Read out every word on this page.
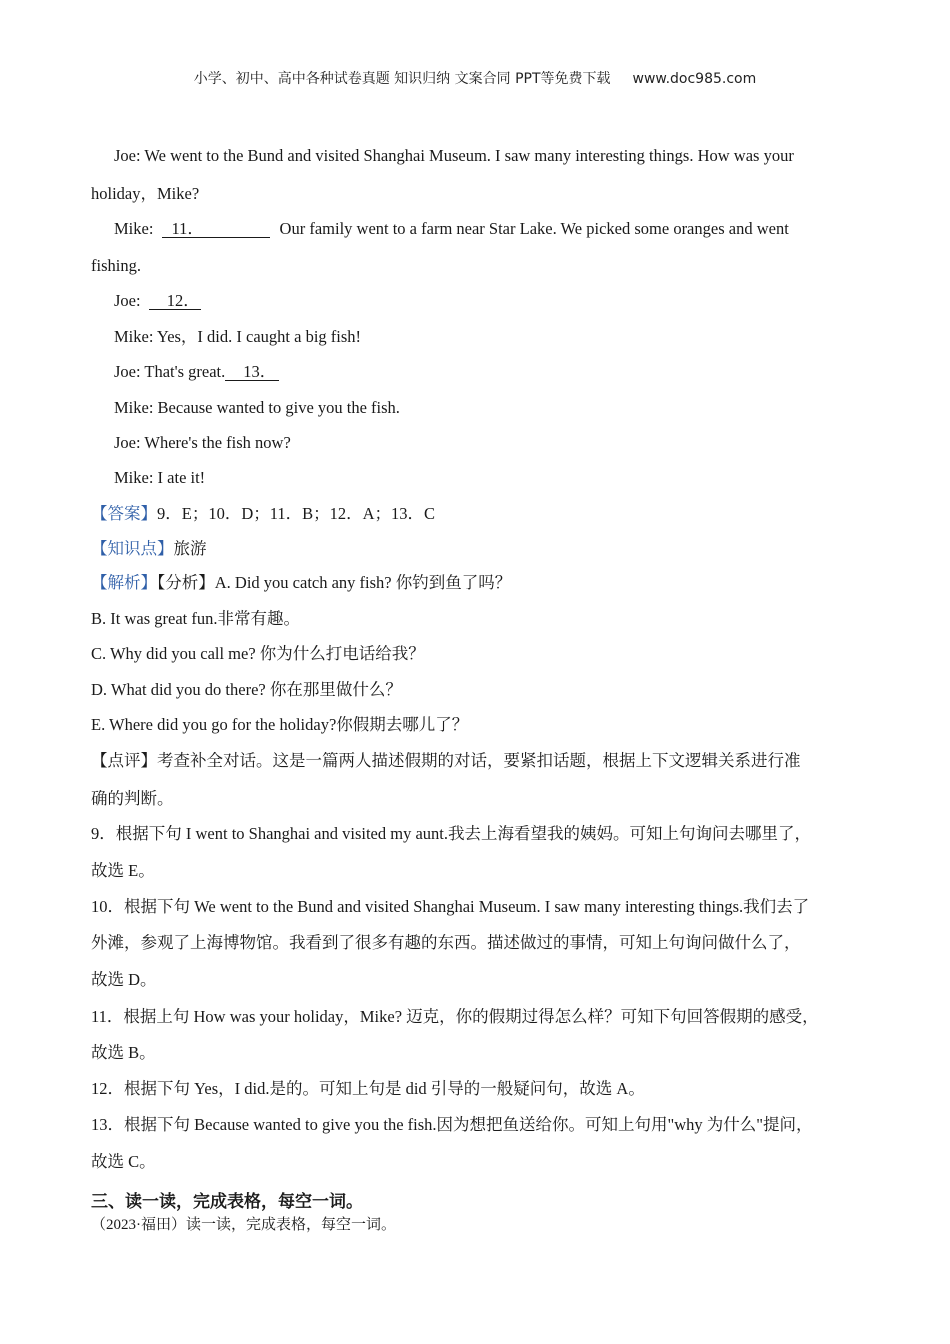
小学、初中、高中各种试卷真题 知识归纳 文案合同 PPT等免费下载 www.doc985.com
Joe: We went to the Bund and visited Shanghai Museum. I saw many interesting things. How was your
holiday，Mike?
Mike: 11．	Our family went to a farm near Star Lake. We picked some oranges and went
fishing.
Joe: 12．
Mike: Yes，I did. I caught a big fish!
Joe: That's great. 13．
Mike: Because wanted to give you the fish.
Joe: Where's the fish now?
Mike: I ate it!
【答案】9．E；10．D；11．B；12．A；13．C
【知识点】旅游
【解析】【分析】A. Did you catch any fish? 你钓到鱼了吗？
B. It was great fun.非常有趣。
C. Why did you call me? 你为什么打电话给我？
D. What did you do there? 你在那里做什么？
E. Where did you go for the holiday?你假期去哪儿了？
【点评】考查补全对话。这是一篇两人描述假期的对话，要紧扣话题，根据上下文逻辑关系进行准
确的判断。
9．根据下句 I went to Shanghai and visited my aunt.我去上海看望我的姨妈。可知上句询问去哪里了，
故选 E。
10．根据下句 We went to the Bund and visited Shanghai Museum. I saw many interesting things.我们去了
外滩，参观了上海博物馆。我看到了很多有趣的东西。描述做过的事情，可知上句询问做什么了，
故选 D。
11．根据上句 How was your holiday，Mike? 迈克，你的假期过得怎么样？可知下句回答假期的感受，
故选 B。
12．根据下句 Yes，I did.是的。可知上句是 did 引导的一般疑问句，故选 A。
13．根据下句 Because wanted to give you the fish.因为想把鱼送给你。可知上句用"why 为什么"提问，
故选 C。
三、读一读，完成表格，每空一词。
（2023·福田）读一读，完成表格，每空一词。
